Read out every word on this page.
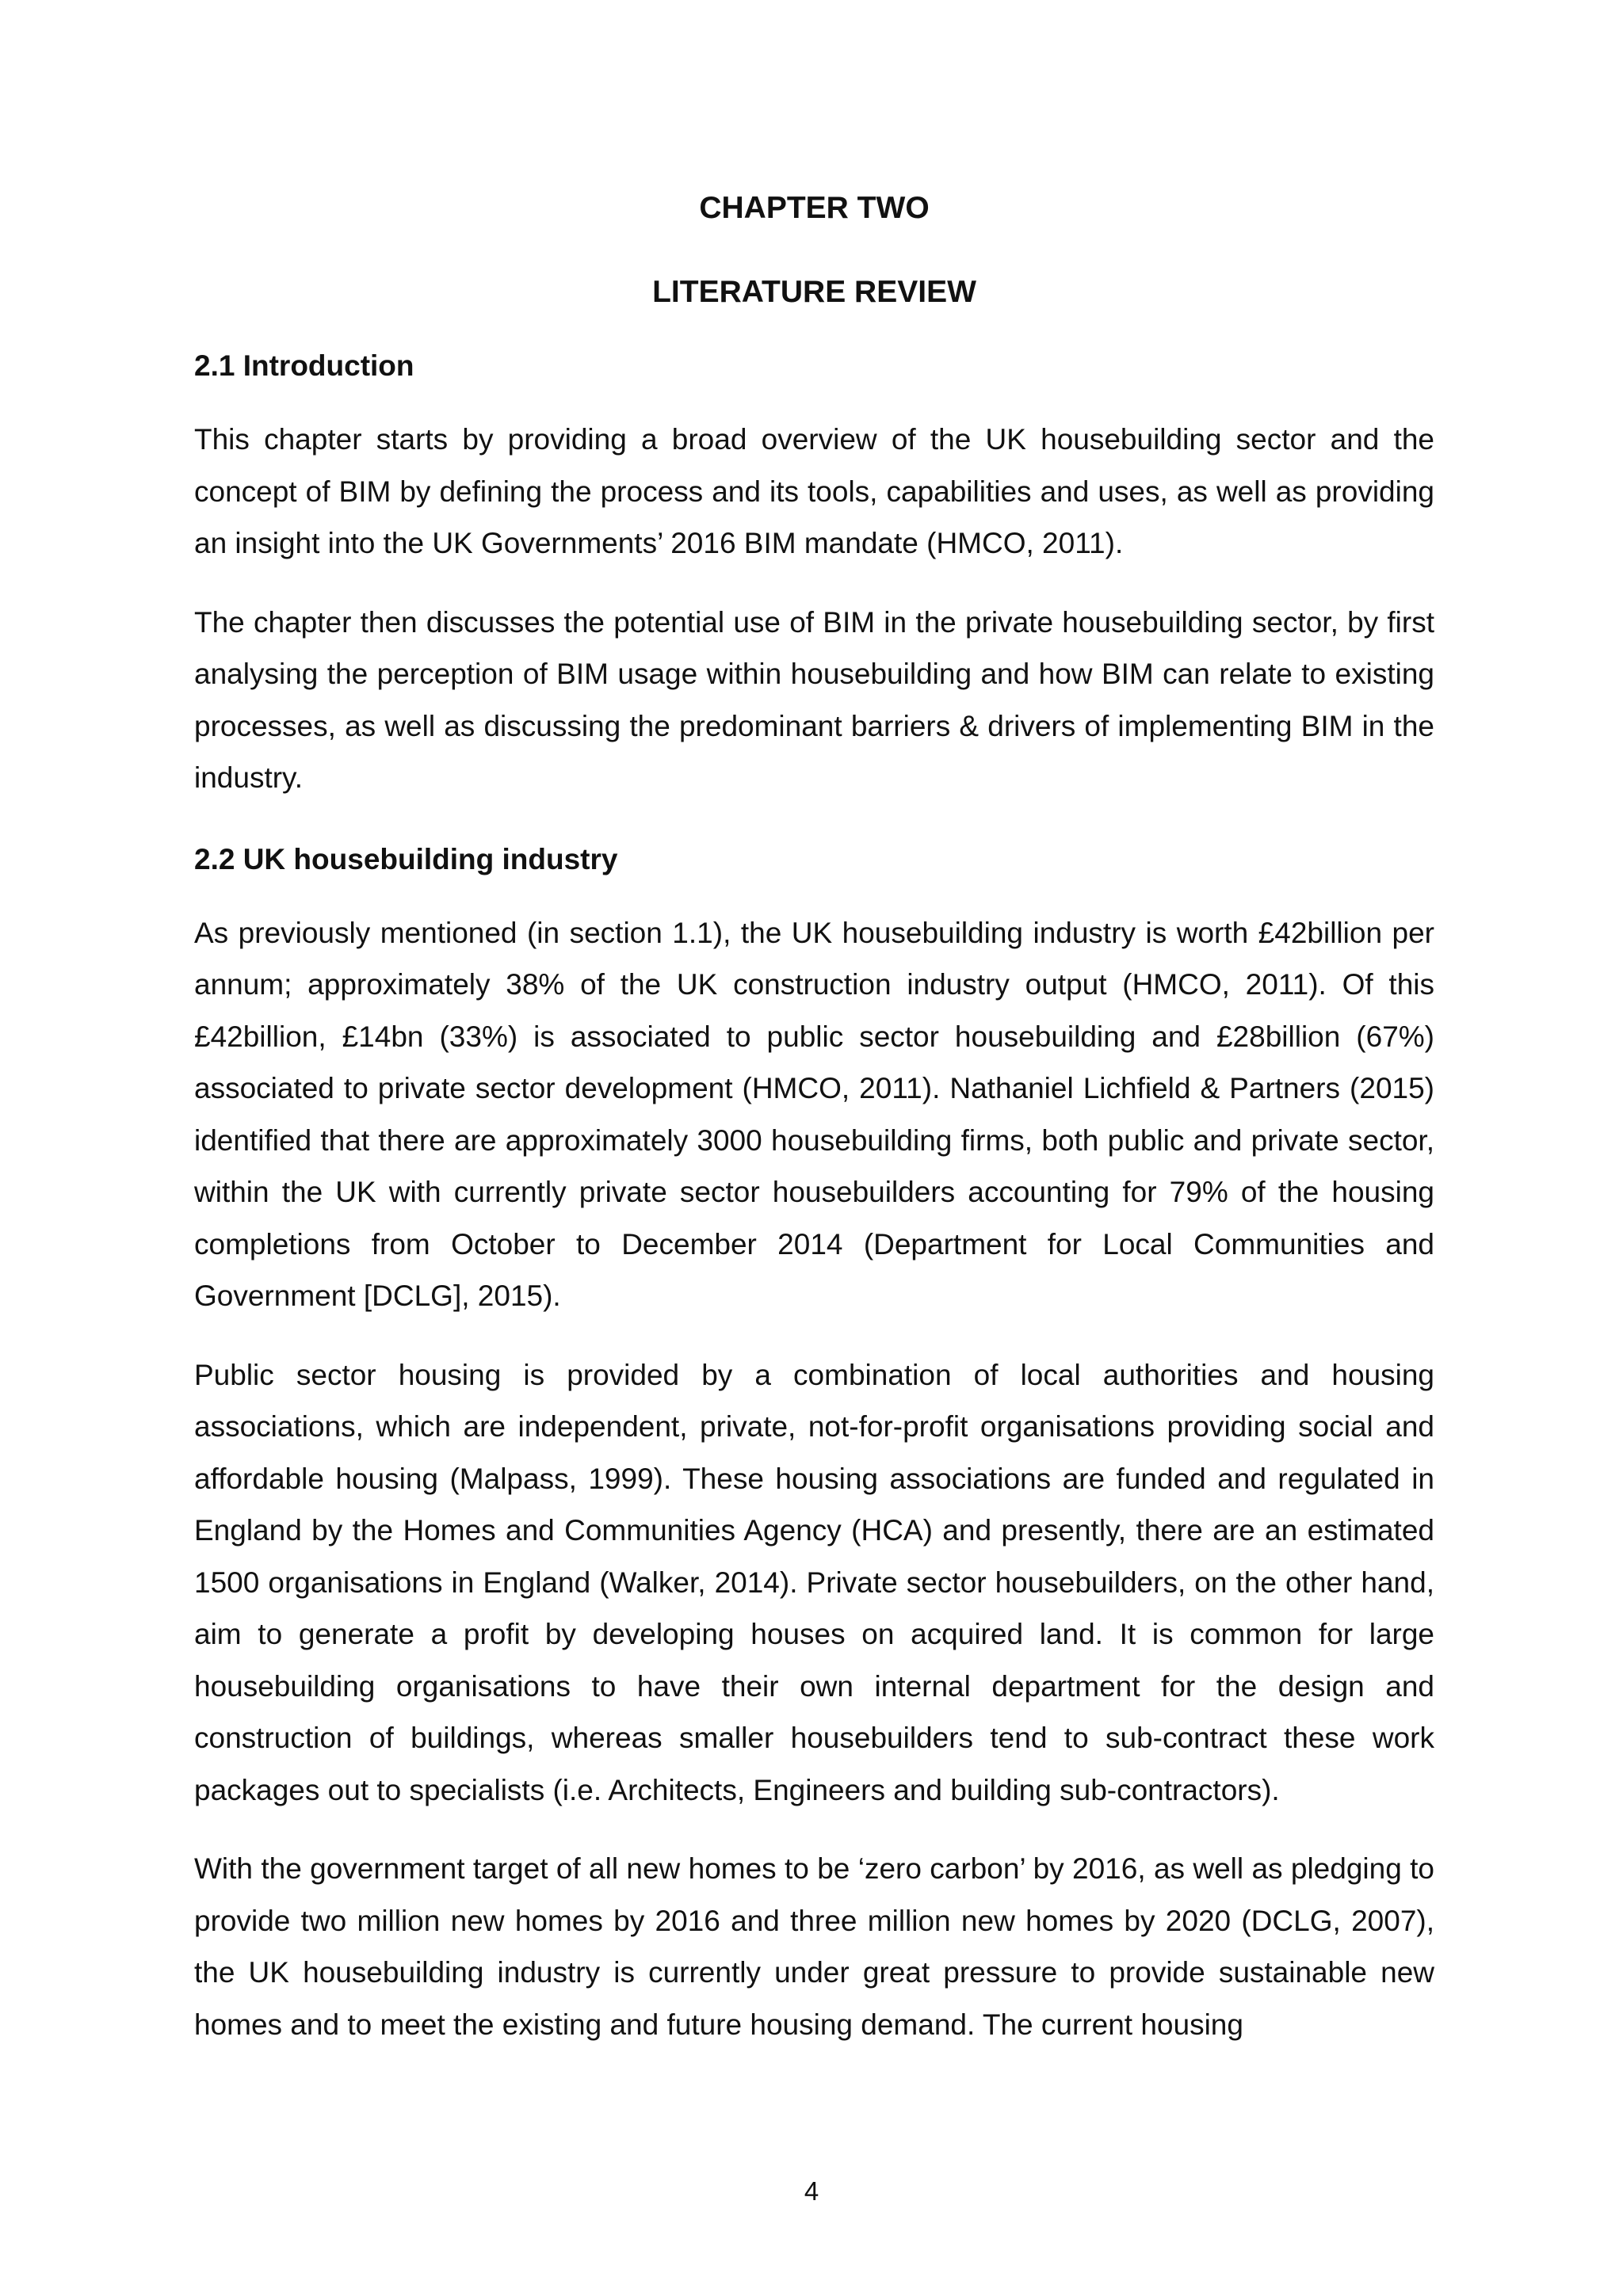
CHAPTER TWO
LITERATURE REVIEW
2.1 Introduction

This chapter starts by providing a broad overview of the UK housebuilding sector and the concept of BIM by defining the process and its tools, capabilities and uses, as well as providing an insight into the UK Governments’ 2016 BIM mandate (HMCO, 2011).

The chapter then discusses the potential use of BIM in the private housebuilding sector, by first analysing the perception of BIM usage within housebuilding and how BIM can relate to existing processes, as well as discussing the predominant barriers & drivers of implementing BIM in the industry.

2.2 UK housebuilding industry

As previously mentioned (in section 1.1), the UK housebuilding industry is worth £42billion per annum; approximately 38% of the UK construction industry output (HMCO, 2011). Of this £42billion, £14bn (33%) is associated to public sector housebuilding and £28billion (67%) associated to private sector development (HMCO, 2011). Nathaniel Lichfield & Partners (2015) identified that there are approximately 3000 housebuilding firms, both public and private sector, within the UK with currently private sector housebuilders accounting for 79% of the housing completions from October to December 2014 (Department for Local Communities and Government [DCLG], 2015).

Public sector housing is provided by a combination of local authorities and housing associations, which are independent, private, not-for-profit organisations providing social and affordable housing (Malpass, 1999). These housing associations are funded and regulated in England by the Homes and Communities Agency (HCA) and presently, there are an estimated 1500 organisations in England (Walker, 2014). Private sector housebuilders, on the other hand, aim to generate a profit by developing houses on acquired land. It is common for large housebuilding organisations to have their own internal department for the design and construction of buildings, whereas smaller housebuilders tend to sub-contract these work packages out to specialists (i.e. Architects, Engineers and building sub-contractors).

With the government target of all new homes to be ‘zero carbon’ by 2016, as well as pledging to provide two million new homes by 2016 and three million new homes by 2020 (DCLG, 2007), the UK housebuilding industry is currently under great pressure to provide sustainable new homes and to meet the existing and future housing demand. The current housing

4
